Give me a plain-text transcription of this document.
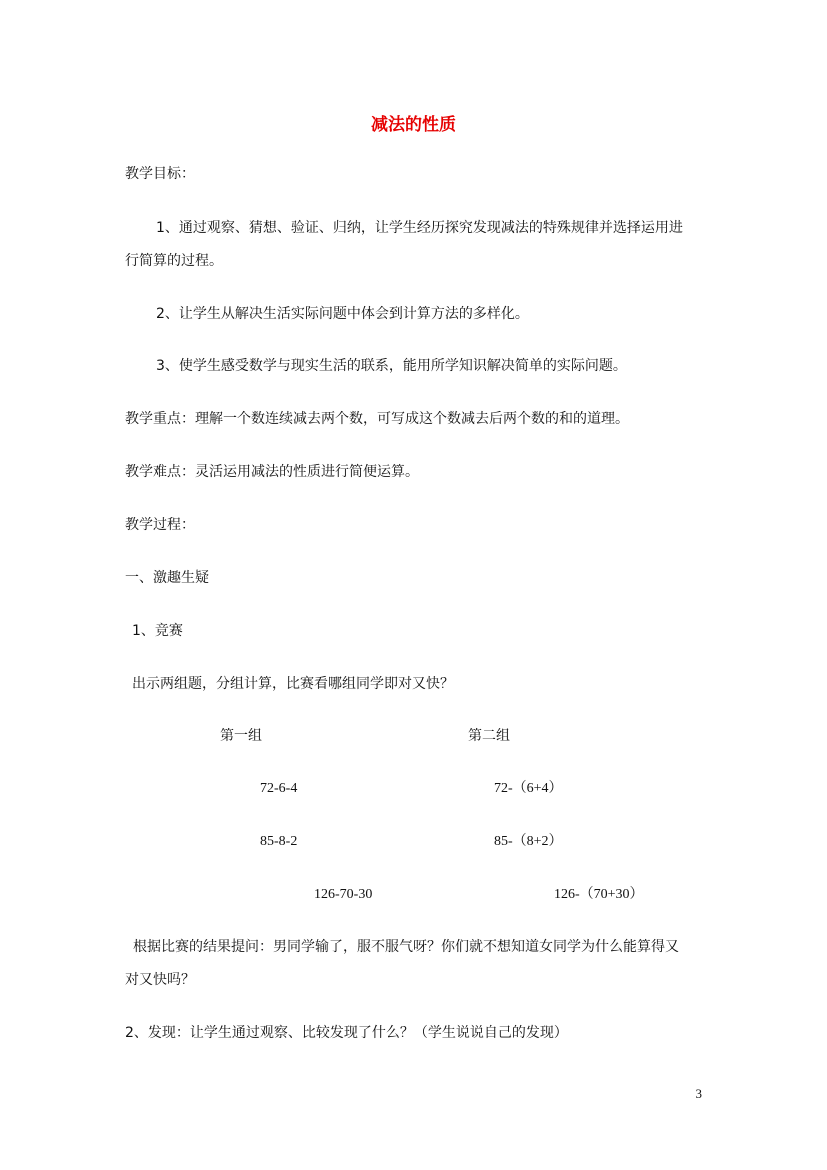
减法的性质
教学目标：
1、通过观察、猜想、验证、归纳，让学生经历探究发现减法的特殊规律并选择运用进
行简算的过程。
2、让学生从解决生活实际问题中体会到计算方法的多样化。
3、使学生感受数学与现实生活的联系，能用所学知识解决简单的实际问题。
教学重点：理解一个数连续减去两个数，可写成这个数减去后两个数的和的道理。
教学难点：灵活运用减法的性质进行简便运算。
教学过程：
一、激趣生疑
1、竞赛
出示两组题，分组计算，比赛看哪组同学即对又快？
第一组	第二组
72-6-4	72-（6+4）
85-8-2	85-（8+2）
126-70-30	126-（70+30）
根据比赛的结果提问：男同学输了，服不服气呀？你们就不想知道女同学为什么能算得又
对又快吗？
2、发现：让学生通过观察、比较发现了什么？（学生说说自己的发现）
3
